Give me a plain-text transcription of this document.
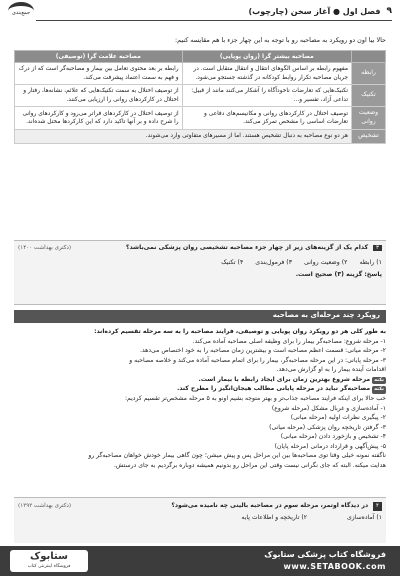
۹
فصل اول ● آغاز سخن (چارچوب)
جمع‌بندی
حالا بیا اون دو رویکرد به مصاحبه رو با توجه به این چهار جزء با هم مقایسه کنیم:
	مصاحبه بیشتر گرا (روان پویایی)	مصاحبه علامت گرا (توصیفی)
رابطه	مفهوم رابطه بر اساس الگوهای انتقال و انتقال متقابل است. در جریان مصاحبه تکرار روابط کودکانه در گذشته جستجو می‌شود.	رابطه بر بعد محتوی تعامل بین بیمار و مصاحبه‌گر است که از درک و فهم به سمت اعتماد پیشرفت می‌کند.
تکنیک	تکنیک‌هایی که تعارضات ناخودآگاه را آشکار می‌کنند مانند از قبیل: تداعی آزاد، تفسیر و...	از توصیف اختلال به سمت تکنیک‌هایی که علائم، نشانه‌ها، رفتار و اختلال در کارکردهای روانی را ارزیابی می‌کنند.
وضعیت روانی	توصیف اختلال در کارکردهای روانی و مکانیسم‌های دفاعی و تعارضات اساسی را مشخص تمرکز می‌کند.	از توصیف اختلال در کارکردهای فراتر می‌رود و کارکردهای روانی را شرح داده و بر آنها تاکید دارد که این کارکردها مختل شده‌اند.
تشخیص	هر دو نوع مصاحبه به دنبال تشخیص هستند. اما از مسیرهای متفاوتی وارد می‌شوند.	
۳ کدام یک از گزینه‌های زیر از چهار جزء مصاحبه تشخیصی روان پزشکی نمی‌باشد؟
(دکتری بهداشت ۱۴۰۰)
۱) رابطه
۲) وضعیت روانی
۳) فرمول‌بندی
۴) تکنیک
پاسخ: گزینه (۳) صحیح است.
رویکرد چند مرحله‌ای به مصاحبه

به طور کلی هر دو رویکرد روان پویایی و توصیفی، فرایند مصاحبه را به سه مرحله تقسیم کرده‌اند:

۱- مرحله شروع: مصاحبه‌گر بیمار را برای وظیفه اصلی مصاحبه آماده می‌کند.

۲- مرحله میانی: قسمت اعظم مصاحبه است و بیشترین زمان مصاحبه را به خود اختصاص می‌دهد.

۳- مرحله پایانی: در این مرحله مصاحبه‌گر، بیمار را برای اتمام مصاحبه آماده می‌کند و خلاصه مصاحبه و

اقدامات آینده بیمار را به او گزارش می‌دهد.

نکتهمرحله شروع بهترین زمان برای ایجاد رابطه با بیمار است.

نکتهمصاحبه‌گر نباید در مرحله پایانی مطالب هیجان‌انگیز را مطرح کند.

خب حالا برای اینکه فرایند مصاحبه جذاب‌تر و بهتر متوجه بشیم اونو به ۵ مرحله مشخص‌تر تقسیم کردیم:

۱- آماده‌سازی و غربال مشکل (مرحله شروع)

۲- پیگیری نظرات اولیه (مرحله میانی)

۳- گرفتن تاریخچه روان پزشکی (مرحله میانی)

۴- تشخیص و بازخورد دادن (مرحله میانی)

۵- پیش‌آگهی و قرارداد درمانی (مرحله پایان)

ناگفته نمونه خیلی وقتا توی مصاحبه‌ها بین این مراحل پس و پیش میشن؛ چون گاهی بیمار خودش خواهان مصاحبه‌گر رو

هدایت میکنه. البته که جای نگرانی نیست وقتی این مراحل رو بدونیم همیشه دوباره برگردیم به جای درستش.

۴ در دیدگاه اوتمر، مرحله سوم در مصاحبه بالینی چه نامیده می‌شود؟
(دکتری بهداشت ۱۳۹۳)
۱) آماده‌سازی
۲) تاریخچه و اطلاعات پایه
فروشگاه کتاب پزشکی ستابوک
www.SETABOOK.com
ستابوک
فروشگاه اینترنتی کتاب
